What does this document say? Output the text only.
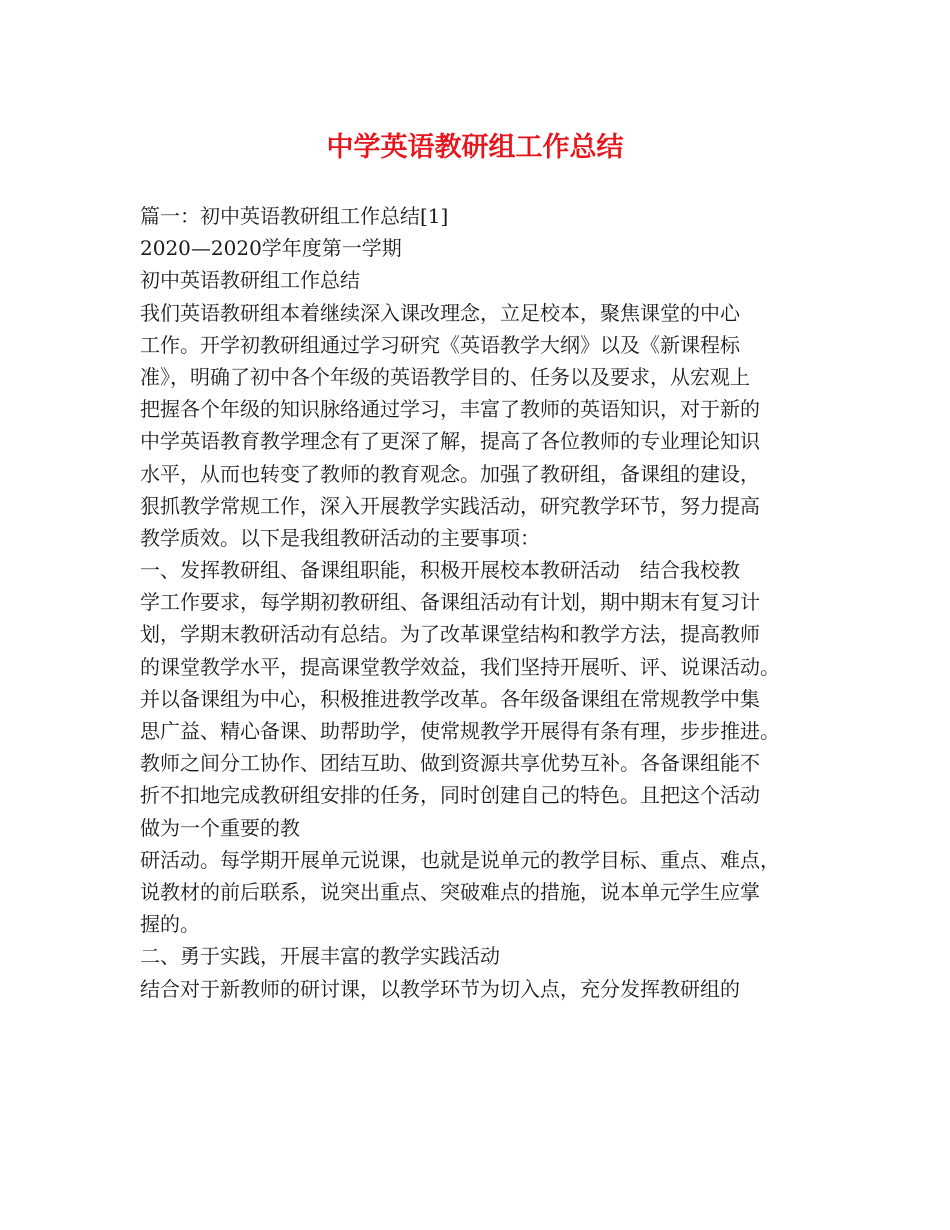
中学英语教研组工作总结
篇一：初中英语教研组工作总结[1]
2020—2020学年度第一学期
初中英语教研组工作总结
我们英语教研组本着继续深入课改理念，立足校本，聚焦课堂的中心
工作。开学初教研组通过学习研究《英语教学大纲》以及《新课程标
准》，明确了初中各个年级的英语教学目的、任务以及要求，从宏观上
把握各个年级的知识脉络通过学习，丰富了教师的英语知识，对于新的
中学英语教育教学理念有了更深了解，提高了各位教师的专业理论知识
水平，从而也转变了教师的教育观念。加强了教研组，备课组的建设，
狠抓教学常规工作，深入开展教学实践活动，研究教学环节，努力提高
教学质效。以下是我组教研活动的主要事项：
一、发挥教研组、备课组职能，积极开展校本教研活动　结合我校教
学工作要求，每学期初教研组、备课组活动有计划，期中期末有复习计
划，学期末教研活动有总结。为了改革课堂结构和教学方法，提高教师
的课堂教学水平，提高课堂教学效益，我们坚持开展听、评、说课活动。
并以备课组为中心，积极推进教学改革。各年级备课组在常规教学中集
思广益、精心备课、助帮助学，使常规教学开展得有条有理，步步推进。
教师之间分工协作、团结互助、做到资源共享优势互补。各备课组能不
折不扣地完成教研组安排的任务，同时创建自己的特色。且把这个活动
做为一个重要的教
研活动。每学期开展单元说课，也就是说单元的教学目标、重点、难点，
说教材的前后联系，说突出重点、突破难点的措施，说本单元学生应掌
握的。
二、勇于实践，开展丰富的教学实践活动
结合对于新教师的研讨课，以教学环节为切入点，充分发挥教研组的
